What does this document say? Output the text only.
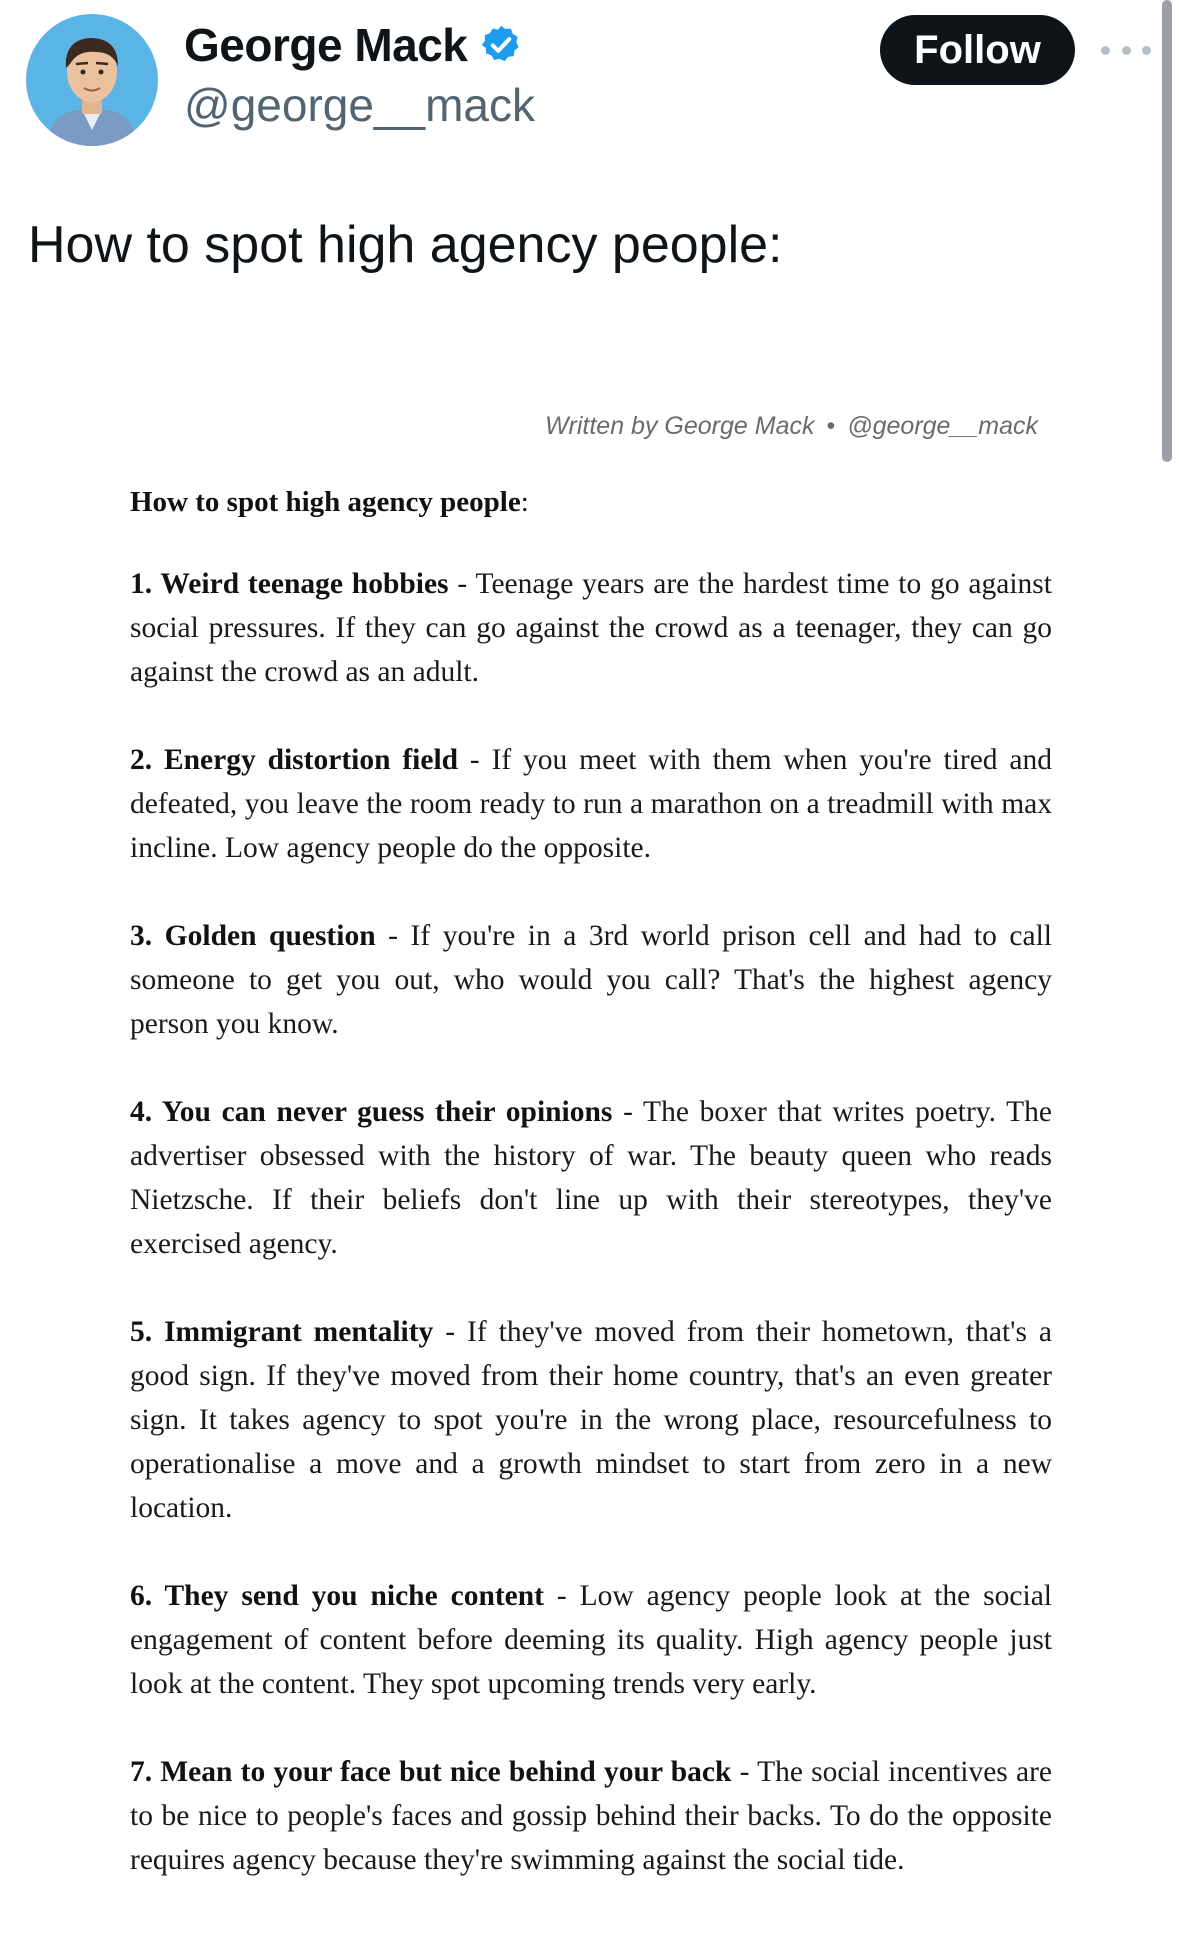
George Mack
@george__mack
Follow
How to spot high agency people:
Written by George Mack • @george__mack
How to spot high agency people:

1. Weird teenage hobbies - Teenage years are the hardest time to go against social pressures. If they can go against the crowd as a teenager, they can go against the crowd as an adult.

2. Energy distortion field - If you meet with them when you're tired and defeated, you leave the room ready to run a marathon on a treadmill with max incline. Low agency people do the opposite.

3. Golden question - If you're in a 3rd world prison cell and had to call someone to get you out, who would you call? That's the highest agency person you know.

4. You can never guess their opinions - The boxer that writes poetry. The advertiser obsessed with the history of war. The beauty queen who reads Nietzsche. If their beliefs don't line up with their stereotypes, they've exercised agency.

5. Immigrant mentality - If they've moved from their hometown, that's a good sign. If they've moved from their home country, that's an even greater sign. It takes agency to spot you're in the wrong place, resourcefulness to operationalise a move and a growth mindset to start from zero in a new location.

6. They send you niche content - Low agency people look at the social engagement of content before deeming its quality. High agency people just look at the content. They spot upcoming trends very early.

7. Mean to your face but nice behind your back - The social incentives are to be nice to people's faces and gossip behind their backs. To do the opposite requires agency because they're swimming against the social tide.
